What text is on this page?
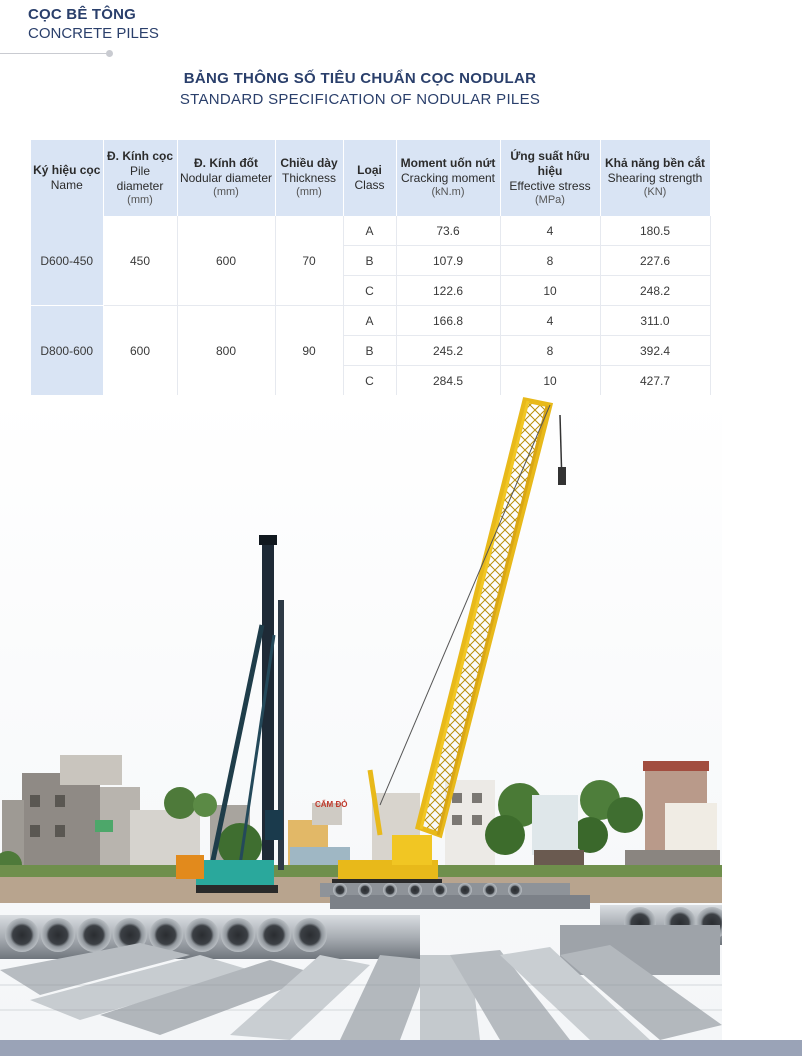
CỌC BÊ TÔNG
CONCRETE PILES
BẢNG THÔNG SỐ TIÊU CHUẨN CỌC NODULAR
STANDARD SPECIFICATION OF NODULAR PILES
Ký hiệu cọc
Name	Đ. Kính cọc
Pile diameter
(mm)	Đ. Kính đốt
Nodular diameter
(mm)	Chiều dày
Thickness
(mm)	Loại
Class	Moment uốn nứt
Cracking moment
(kN.m)	Ứng suất hữu hiệu
Effective stress
(MPa)	Khả năng bền cắt
Shearing strength
(KN)

D600-450	450	600	70	A	73.6	4	180.5
				B	107.9	8	227.6
				C	122.6	10	248.2
D800-600	600	800	90	A	166.8	4	311.0
				B	245.2	8	392.4
				C	284.5	10	427.7
CẨM ĐỎ
